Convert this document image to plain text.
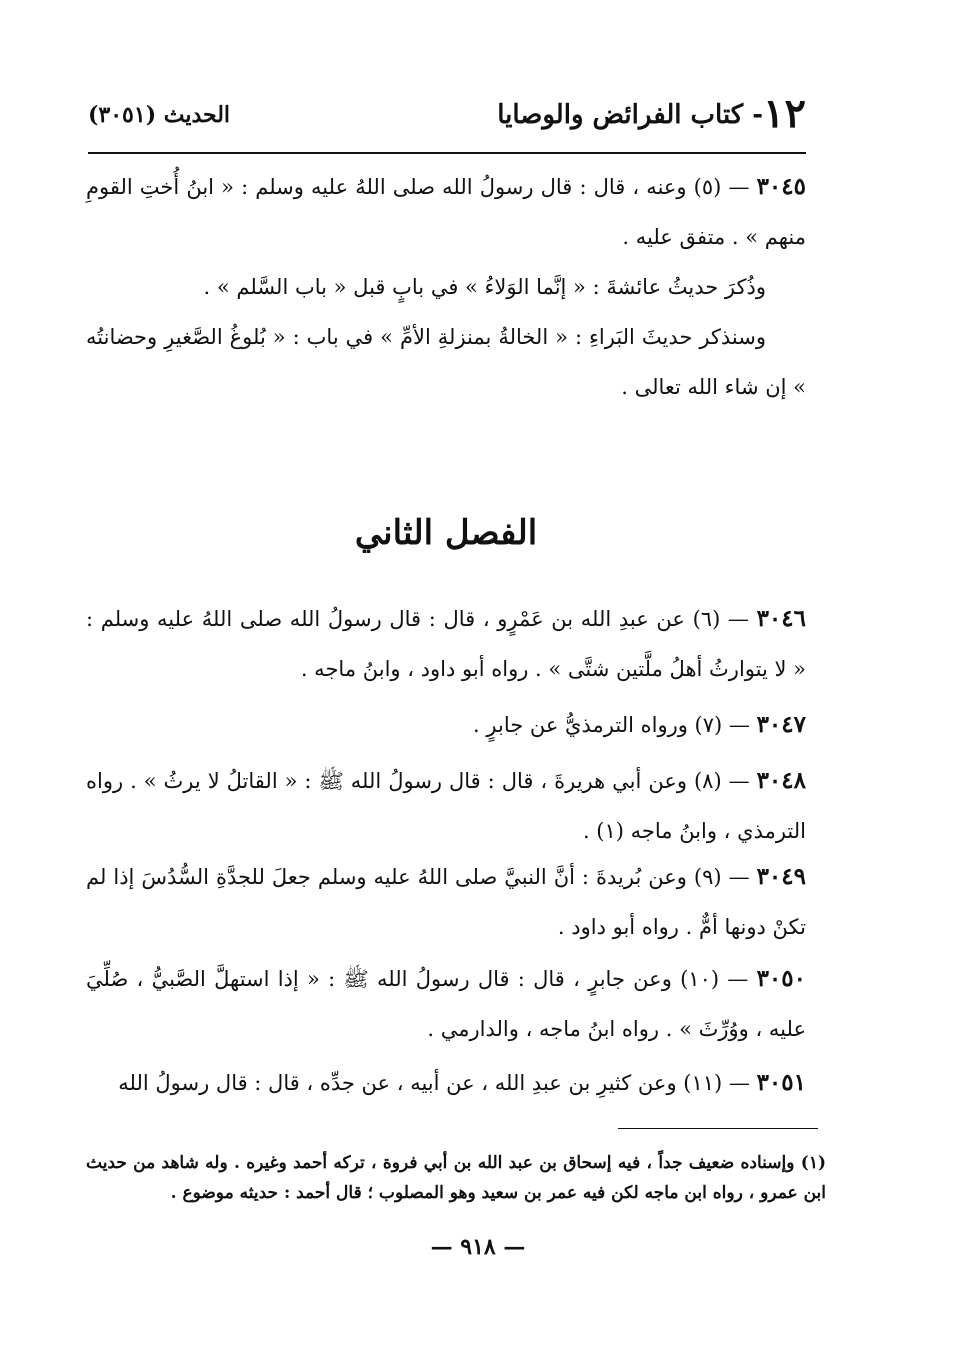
١٢- كتاب الفرائض والوصايا
الحديث (٣٠٥١)
٣٠٤٥ — (٥) وعنه ، قال : قال رسولُ الله صلى اللهُ عليه وسلم : « ابنُ أُختِ القومِ منهم » . متفق عليه .
وذُكرَ حديثُ عائشةَ : « إنَّما الوَلاءُ » في بابٍ قبل « باب السَّلم » .
وسنذكر حديثَ البَراءِ : « الخالةُ بمنزلةِ الأمِّ » في باب : « بُلوغُ الصَّغيرِ وحضانتُه » إن شاء الله تعالى .
الفصل الثاني
٣٠٤٦ — (٦) عن عبدِ الله بن عَمْرٍو ، قال : قال رسولُ الله صلى اللهُ عليه وسلم : « لا يتوارثُ أهلُ ملَّتين شتَّى » . رواه أبو داود ، وابنُ ماجه .
٣٠٤٧ — (٧) ورواه الترمذيُّ عن جابرٍ .
٣٠٤٨ — (٨) وعن أبي هريرةَ ، قال : قال رسولُ الله ﷺ : « القاتلُ لا يرثُ » . رواه الترمذي ، وابنُ ماجه (١) .
٣٠٤٩ — (٩) وعن بُريدةَ : أنَّ النبيَّ صلى اللهُ عليه وسلم جعلَ للجدَّةِ السُّدُسَ إذا لم تكنْ دونها أمٌّ . رواه أبو داود .
٣٠٥٠ — (١٠) وعن جابرٍ ، قال : قال رسولُ الله ﷺ : « إذا استهلَّ الصَّبيُّ ، صُلِّيَ عليه ، ووُرِّثَ » . رواه ابنُ ماجه ، والدارمي .
٣٠٥١ — (١١) وعن كثيرِ بن عبدِ الله ، عن أبيه ، عن جدِّه ، قال : قال رسولُ الله
(١) وإسناده ضعيف جداً ، فيه إسحاق بن عبد الله بن أبي فروة ، تركه أحمد وغيره . وله شاهد من حديث ابن عمرو ، رواه ابن ماجه لكن فيه عمر بن سعيد وهو المصلوب ؛ قال أحمد : حديثه موضوع .
— ٩١٨ —
